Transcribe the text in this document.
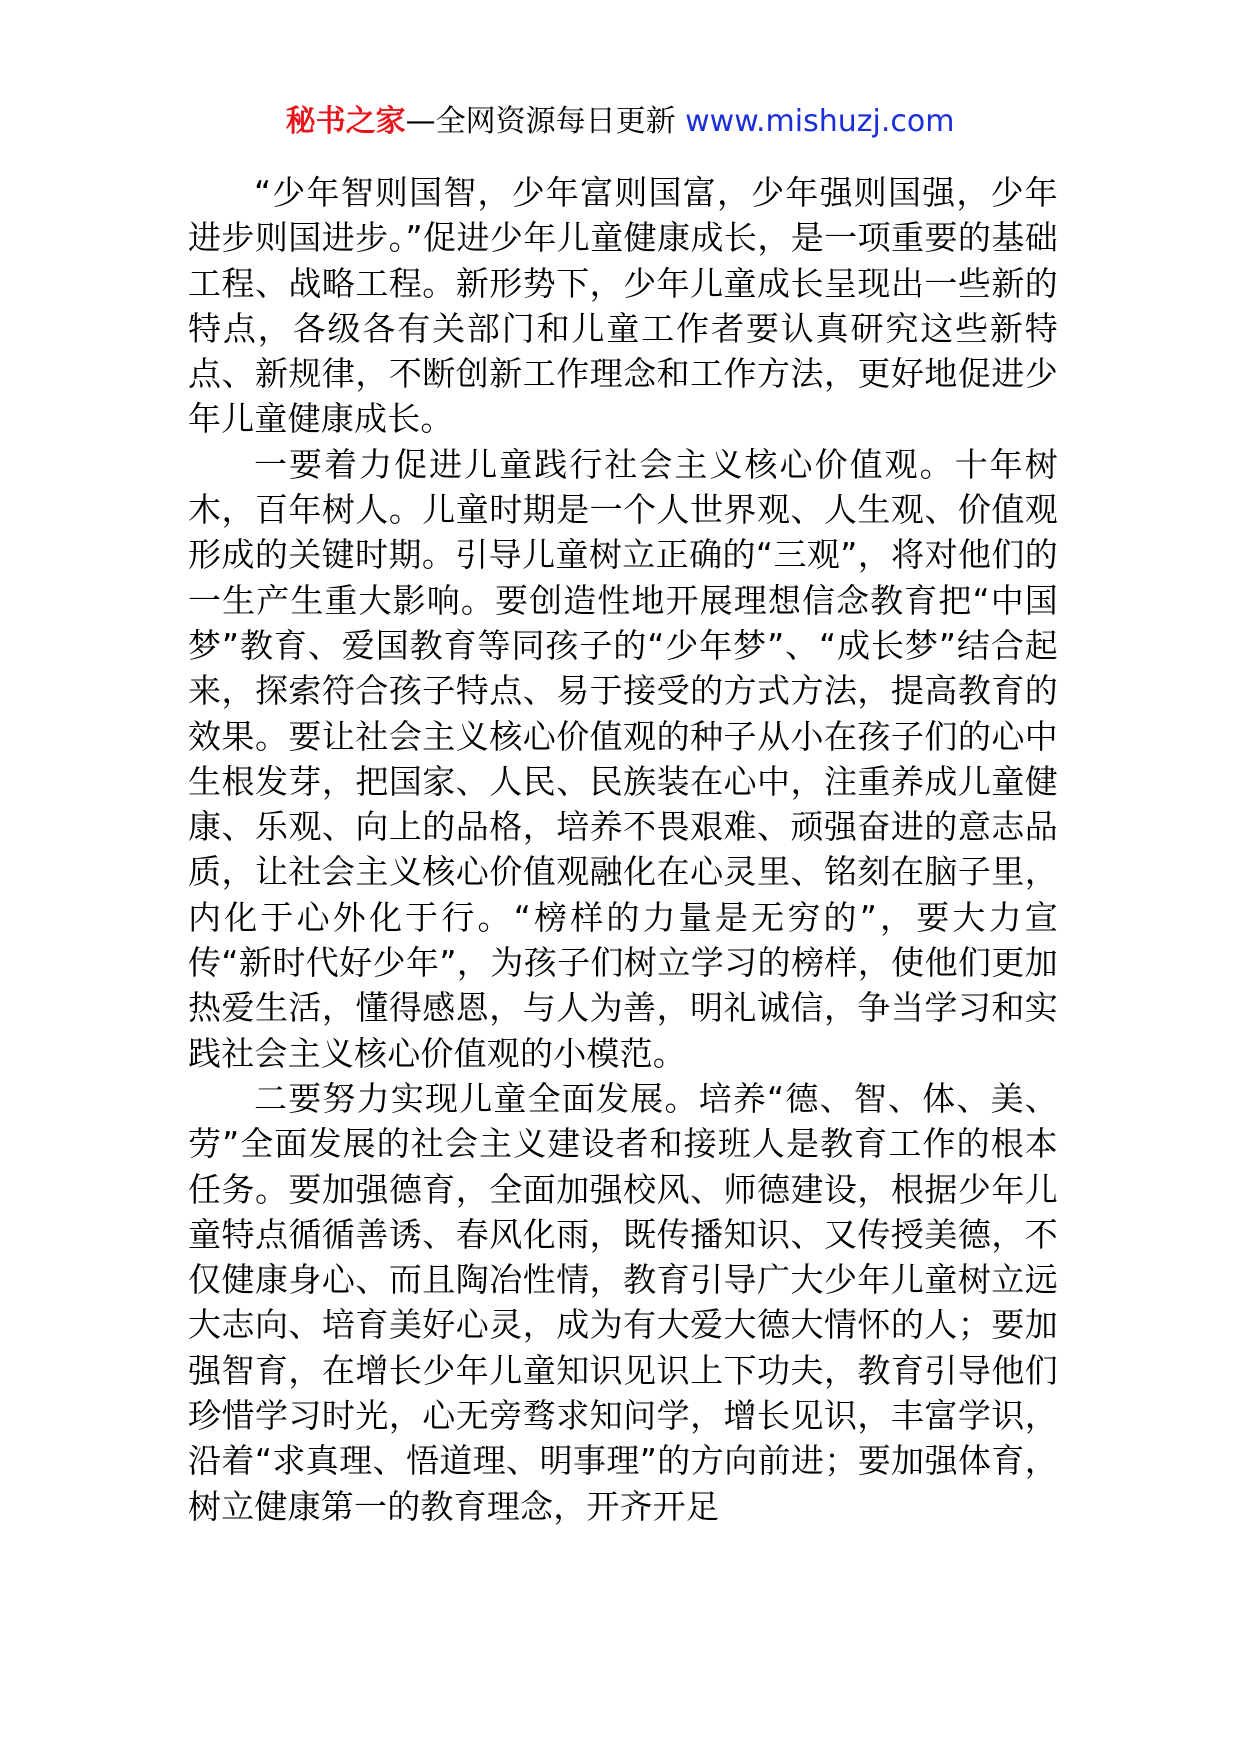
秘书之家—全网资源每日更新 www.mishuzj.com

“少年智则国智，少年富则国富，少年强则国强，少年进步则国进步。”促进少年儿童健康成长，是一项重要的基础工程、战略工程。新形势下，少年儿童成长呈现出一些新的特点，各级各有关部门和儿童工作者要认真研究这些新特点、新规律，不断创新工作理念和工作方法，更好地促进少年儿童健康成长。

一要着力促进儿童践行社会主义核心价值观。十年树木，百年树人。儿童时期是一个人世界观、人生观、价值观形成的关键时期。引导儿童树立正确的“三观”，将对他们的一生产生重大影响。要创造性地开展理想信念教育把“中国梦”教育、爱国教育等同孩子的“少年梦”、“成长梦”结合起来，探索符合孩子特点、易于接受的方式方法，提高教育的效果。要让社会主义核心价值观的种子从小在孩子们的心中生根发芽，把国家、人民、民族装在心中，注重养成儿童健康、乐观、向上的品格，培养不畏艰难、顽强奋进的意志品质，让社会主义核心价值观融化在心灵里、铭刻在脑子里，内化于心外化于行。“榜样的力量是无穷的”，要大力宣传“新时代好少年”，为孩子们树立学习的榜样，使他们更加热爱生活，懂得感恩，与人为善，明礼诚信，争当学习和实践社会主义核心价值观的小模范。

二要努力实现儿童全面发展。培养“德、智、体、美、劳”全面发展的社会主义建设者和接班人是教育工作的根本任务。要加强德育，全面加强校风、师德建设，根据少年儿童特点循循善诱、春风化雨，既传播知识、又传授美德，不仅健康身心、而且陶冶性情，教育引导广大少年儿童树立远大志向、培育美好心灵，成为有大爱大德大情怀的人；要加强智育，在增长少年儿童知识见识上下功夫，教育引导他们珍惜学习时光，心无旁骛求知问学，增长见识，丰富学识，沿着“求真理、悟道理、明事理”的方向前进；要加强体育，树立健康第一的教育理念，开齐开足
